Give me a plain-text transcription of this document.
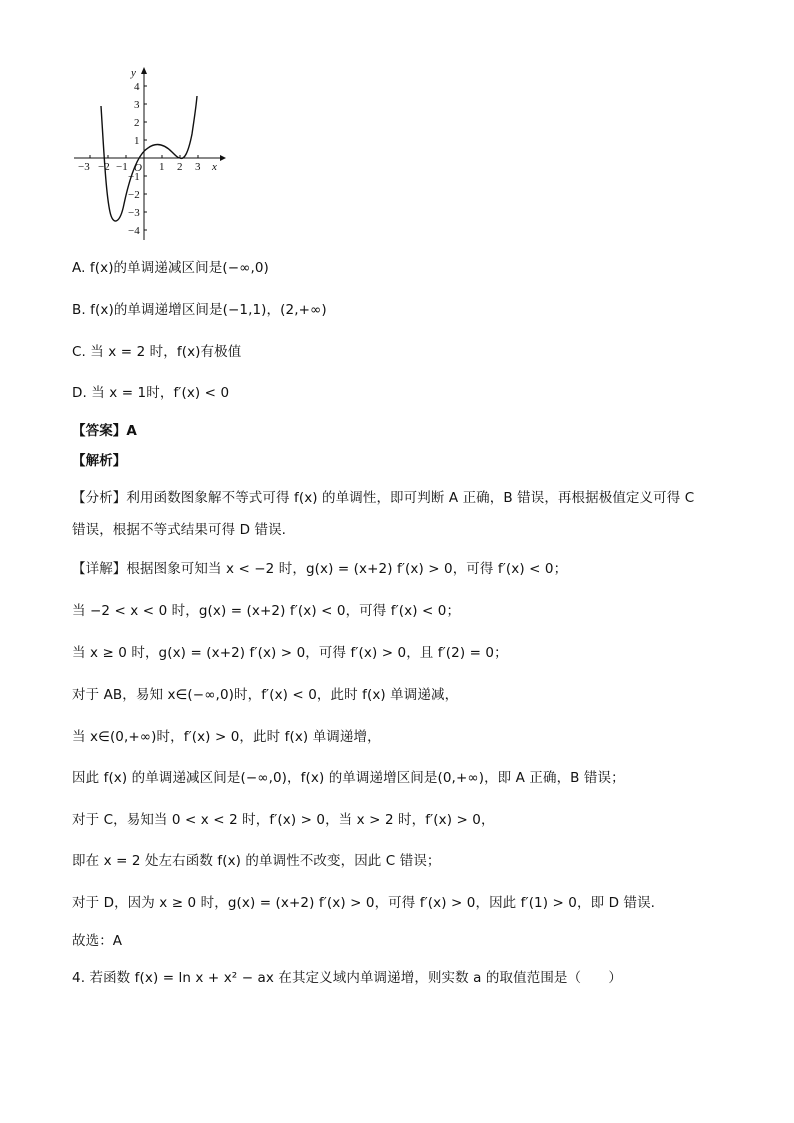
y
x
O
−3 −2 −1	1 2 3
4
3
2
1
−1
−2
−3
−4
A. f(x)的单调递减区间是(−∞,0)
B. f(x)的单调递增区间是(−1,1)，(2,+∞)
C. 当 x = 2 时，f(x)有极值
D. 当 x = 1时，f′(x) < 0
【答案】A
【解析】
【分析】利用函数图象解不等式可得 f(x) 的单调性，即可判断 A 正确，B 错误，再根据极值定义可得 C
错误，根据不等式结果可得 D 错误.
【详解】根据图象可知当 x < −2 时，g(x) = (x+2) f′(x) > 0，可得 f′(x) < 0；
当 −2 < x < 0 时，g(x) = (x+2) f′(x) < 0，可得 f′(x) < 0；
当 x ≥ 0 时，g(x) = (x+2) f′(x) > 0，可得 f′(x) > 0，且 f′(2) = 0；
对于 AB，易知 x∈(−∞,0)时，f′(x) < 0，此时 f(x) 单调递减，
当 x∈(0,+∞)时，f′(x) > 0，此时 f(x) 单调递增，
因此 f(x) 的单调递减区间是(−∞,0)，f(x) 的单调递增区间是(0,+∞)，即 A 正确，B 错误；
对于 C，易知当 0 < x < 2 时，f′(x) > 0，当 x > 2 时，f′(x) > 0，
即在 x = 2 处左右函数 f(x) 的单调性不改变，因此 C 错误；
对于 D，因为 x ≥ 0 时，g(x) = (x+2) f′(x) > 0，可得 f′(x) > 0，因此 f′(1) > 0，即 D 错误.
故选：A
4. 若函数 f(x) = ln x + x² − ax 在其定义域内单调递增，则实数 a 的取值范围是（　　）
